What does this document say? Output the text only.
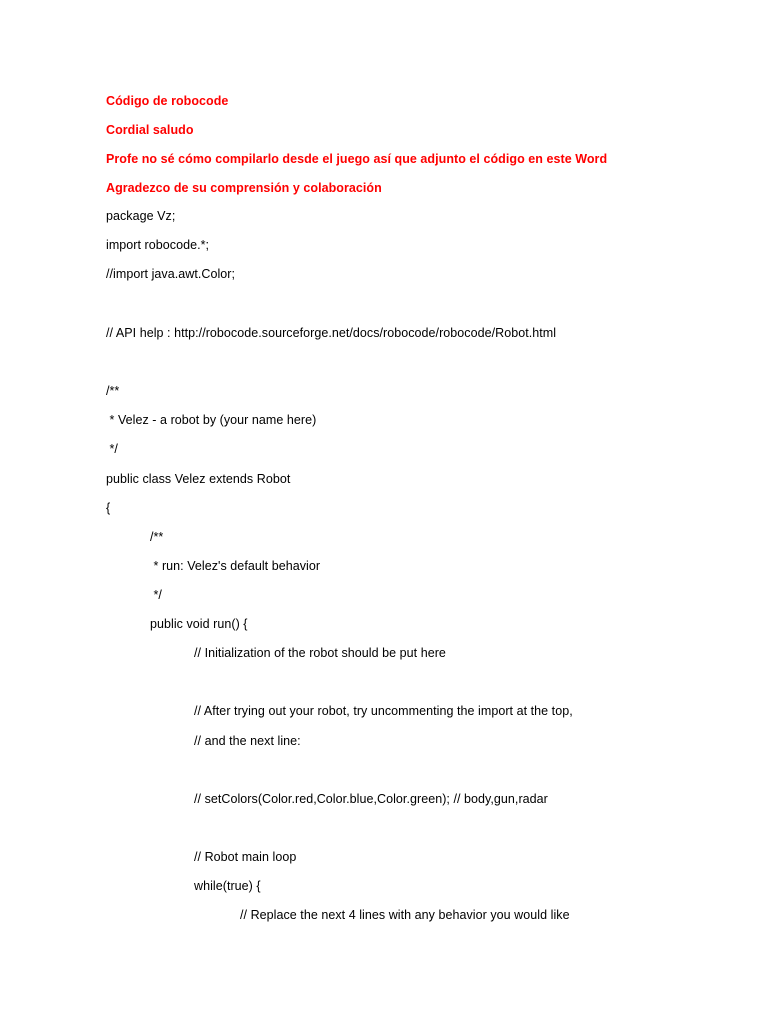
Código de robocode
Cordial saludo
Profe no sé cómo compilarlo desde el juego así que adjunto el código en este Word
Agradezco de su comprensión y colaboración
package Vz;
import robocode.*;
//import java.awt.Color;
// API help : http://robocode.sourceforge.net/docs/robocode/robocode/Robot.html
/**
* Velez - a robot by (your name here)
*/
public class Velez extends Robot
{
/**
* run: Velez's default behavior
*/
public void run() {
// Initialization of the robot should be put here
// After trying out your robot, try uncommenting the import at the top,
// and the next line:
// setColors(Color.red,Color.blue,Color.green); // body,gun,radar
// Robot main loop
while(true) {
// Replace the next 4 lines with any behavior you would like
